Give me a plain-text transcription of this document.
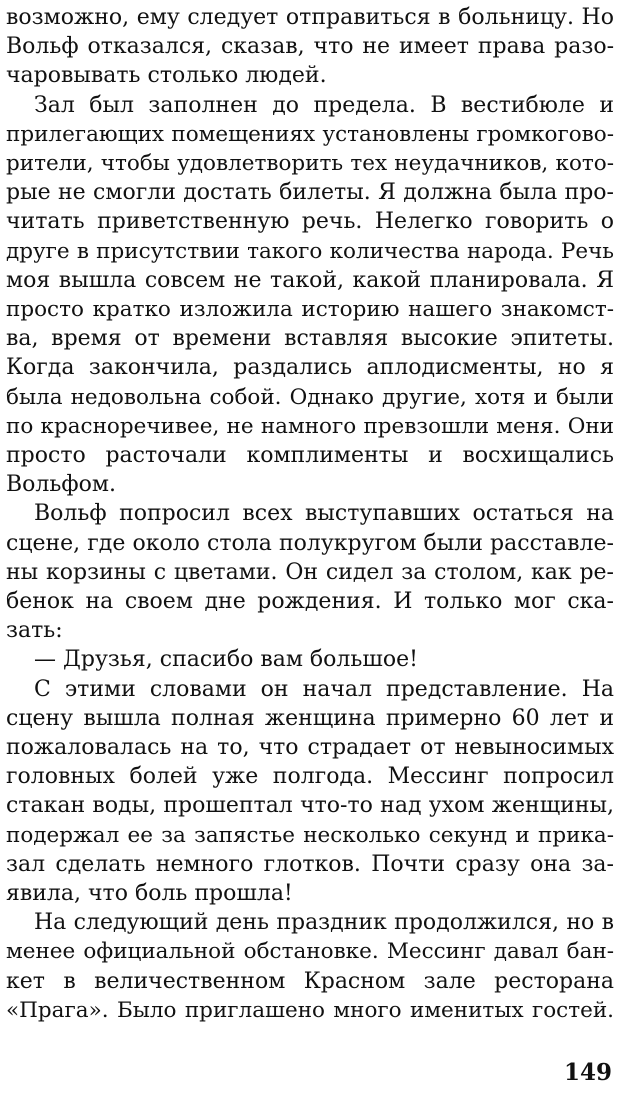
возможно, ему следует отправиться в больницу. Но
Вольф отказался, сказав, что не имеет права разо-
чаровывать столько людей.
Зал был заполнен до предела. В вестибюле и
прилегающих помещениях установлены громкогово-
рители, чтобы удовлетворить тех неудачников, кото-
рые не смогли достать билеты. Я должна была про-
читать приветственную речь. Нелегко говорить о
друге в присутствии такого количества народа. Речь
моя вышла совсем не такой, какой планировала. Я
просто кратко изложила историю нашего знакомст-
ва, время от времени вставляя высокие эпитеты.
Когда закончила, раздались аплодисменты, но я
была недовольна собой. Однако другие, хотя и были
по красноречивее, не намного превзошли меня. Они
просто расточали комплименты и восхищались
Вольфом.
Вольф попросил всех выступавших остаться на
сцене, где около стола полукругом были расставле-
ны корзины с цветами. Он сидел за столом, как ре-
бенок на своем дне рождения. И только мог ска-
зать:
— Друзья, спасибо вам большое!
С этими словами он начал представление. На
сцену вышла полная женщина примерно 60 лет и
пожаловалась на то, что страдает от невыносимых
головных болей уже полгода. Мессинг попросил
стакан воды, прошептал что-то над ухом женщины,
подержал ее за запястье несколько секунд и прика-
зал сделать немного глотков. Почти сразу она за-
явила, что боль прошла!
На следующий день праздник продолжился, но в
менее официальной обстановке. Мессинг давал бан-
кет в величественном Красном зале ресторана
«Прага». Было приглашено много именитых гостей.
149
